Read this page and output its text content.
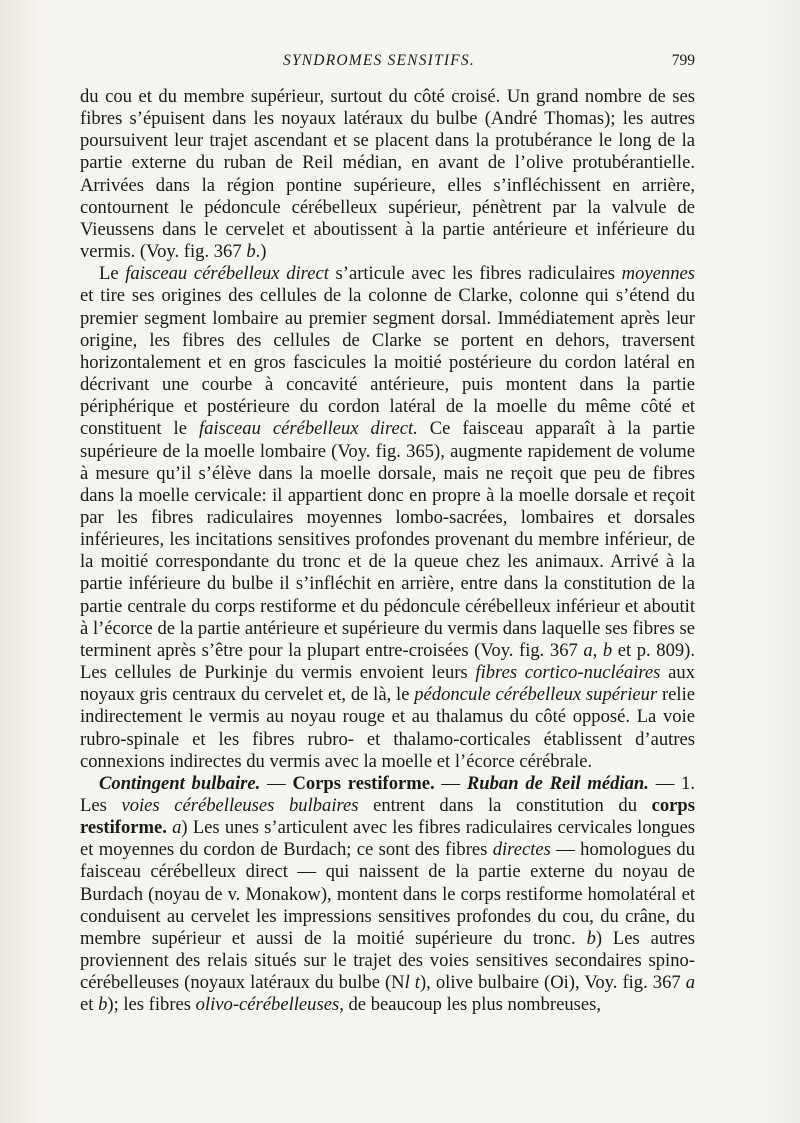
SYNDROMES SENSITIFS.	799

du cou et du membre supérieur, surtout du côté croisé. Un grand nombre de ses fibres s’épuisent dans les noyaux latéraux du bulbe (André Thomas); les autres poursuivent leur trajet ascendant et se placent dans la protubérance le long de la partie externe du ruban de Reil médian, en avant de l’olive protubérantielle. Arrivées dans la région pontine supérieure, elles s’infléchissent en arrière, contournent le pédoncule cérébelleux supérieur, pénètrent par la valvule de Vieussens dans le cervelet et aboutissent à la partie antérieure et inférieure du vermis. (Voy. fig. 367 b.)

Le faisceau cérébelleux direct s’articule avec les fibres radiculaires moyennes et tire ses origines des cellules de la colonne de Clarke, colonne qui s’étend du premier segment lombaire au premier segment dorsal. Immédiatement après leur origine, les fibres des cellules de Clarke se portent en dehors, traversent horizontalement et en gros fascicules la moitié postérieure du cordon latéral en décrivant une courbe à concavité antérieure, puis montent dans la partie périphérique et postérieure du cordon latéral de la moelle du même côté et constituent le faisceau cérébelleux direct. Ce faisceau apparaît à la partie supérieure de la moelle lombaire (Voy. fig. 365), augmente rapidement de volume à mesure qu’il s’élève dans la moelle dorsale, mais ne reçoit que peu de fibres dans la moelle cervicale: il appartient donc en propre à la moelle dorsale et reçoit par les fibres radiculaires moyennes lombo-sacrées, lombaires et dorsales inférieures, les incitations sensitives profondes provenant du membre inférieur, de la moitié correspondante du tronc et de la queue chez les animaux. Arrivé à la partie inférieure du bulbe il s’infléchit en arrière, entre dans la constitution de la partie centrale du corps restiforme et du pédoncule cérébelleux inférieur et aboutit à l’écorce de la partie antérieure et supérieure du vermis dans laquelle ses fibres se terminent après s’être pour la plupart entre-croisées (Voy. fig. 367 a, b et p. 809). Les cellules de Purkinje du vermis envoient leurs fibres cortico-nucléaires aux noyaux gris centraux du cervelet et, de là, le pédoncule cérébelleux supérieur relie indirectement le vermis au noyau rouge et au thalamus du côté opposé. La voie rubro-spinale et les fibres rubro- et thalamo-corticales établissent d’autres connexions indirectes du vermis avec la moelle et l’écorce cérébrale.

Contingent bulbaire. — Corps restiforme. — Ruban de Reil médian. — 1. Les voies cérébelleuses bulbaires entrent dans la constitution du corps restiforme. a) Les unes s’articulent avec les fibres radiculaires cervicales longues et moyennes du cordon de Burdach; ce sont des fibres directes — homologues du faisceau cérébelleux direct — qui naissent de la partie externe du noyau de Burdach (noyau de v. Monakow), montent dans le corps restiforme homolatéral et conduisent au cervelet les impressions sensitives profondes du cou, du crâne, du membre supérieur et aussi de la moitié supérieure du tronc. b) Les autres proviennent des relais situés sur le trajet des voies sensitives secondaires spino-cérébelleuses (noyaux latéraux du bulbe (Nl t), olive bulbaire (Oi), Voy. fig. 367 a et b); les fibres olivo-cérébelleuses, de beaucoup les plus nombreuses,
